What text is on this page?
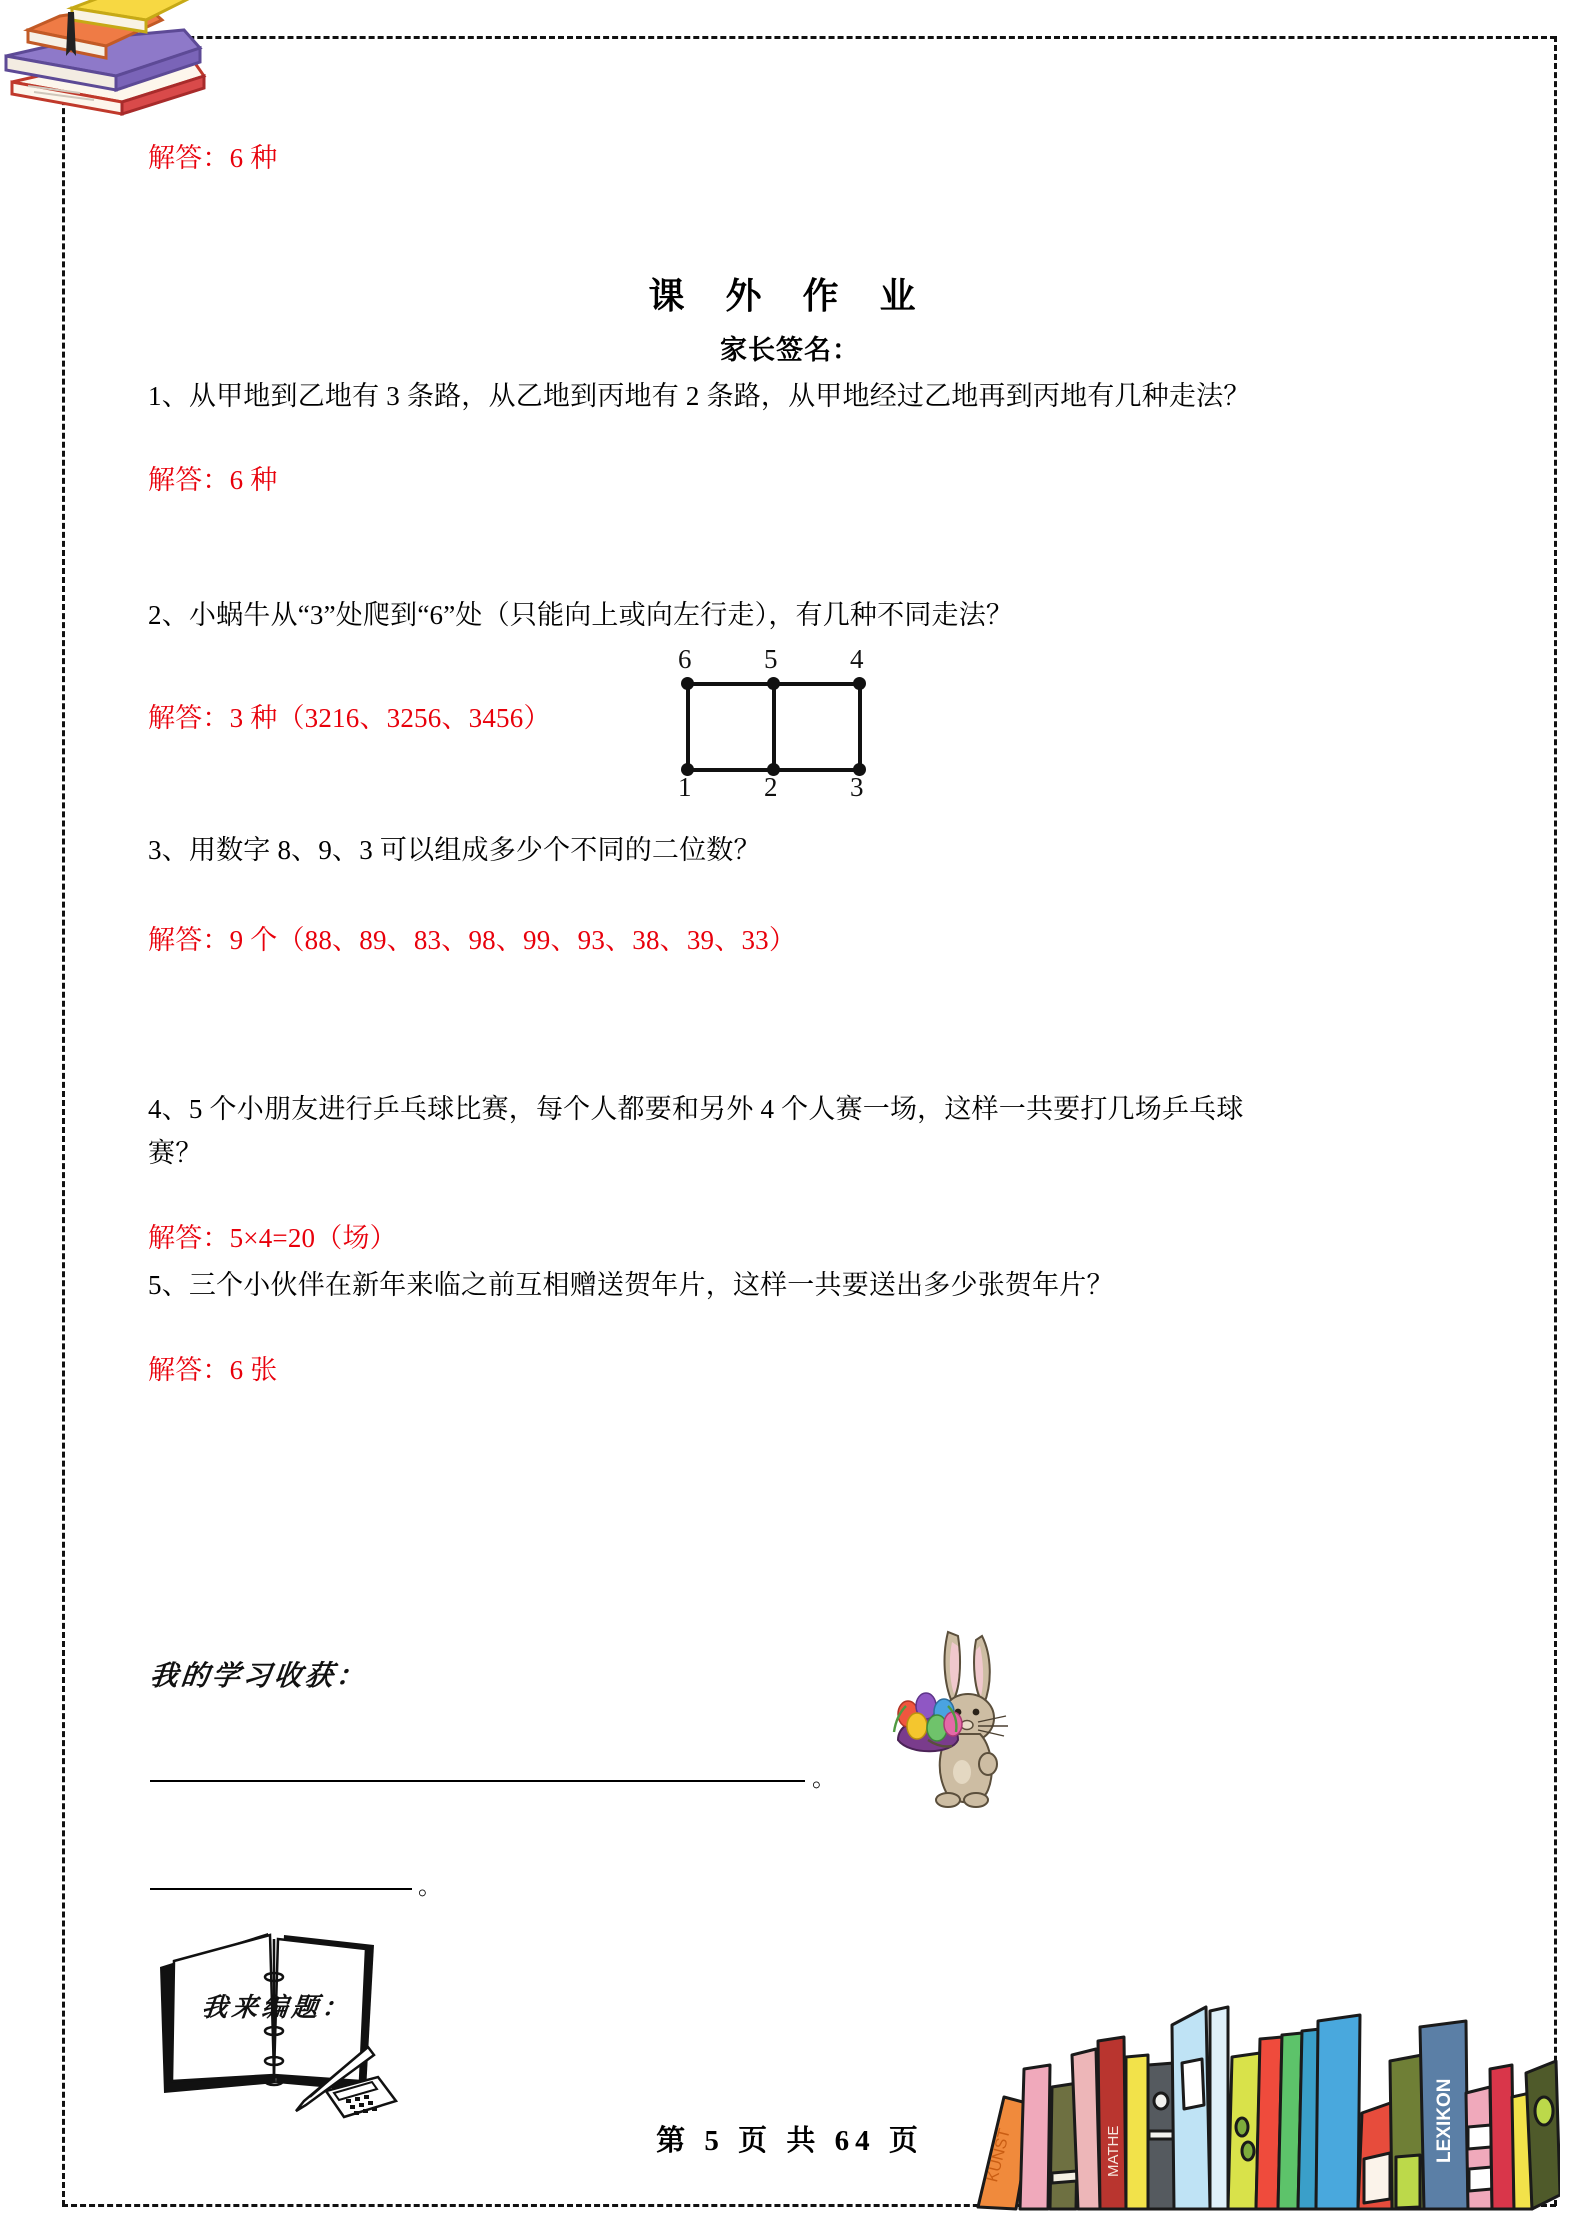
解答：6 种
课 外 作 业
家长签名：
1、从甲地到乙地有 3 条路，从乙地到丙地有 2 条路，从甲地经过乙地再到丙地有几种走法？
解答：6 种
2、小蜗牛从“3”处爬到“6”处（只能向上或向左行走），有几种不同走法？
解答：3 种（3216、3256、3456）
6	5	4
1	2	3
3、用数字 8、9、3 可以组成多少个不同的二位数？
解答：9 个（88、89、83、98、99、93、38、39、33）
4、5 个小朋友进行乒乓球比赛，每个人都要和另外 4 个人赛一场，这样一共要打几场乒乓球赛？
解答：5×4=20（场）
5、三个小伙伴在新年来临之前互相赠送贺年片，这样一共要送出多少张贺年片？
解答：6 张
我的学习收获：
。
。
我来编题：
KUNST	MATHE	LEXIKON
第 5 页 共 64 页
